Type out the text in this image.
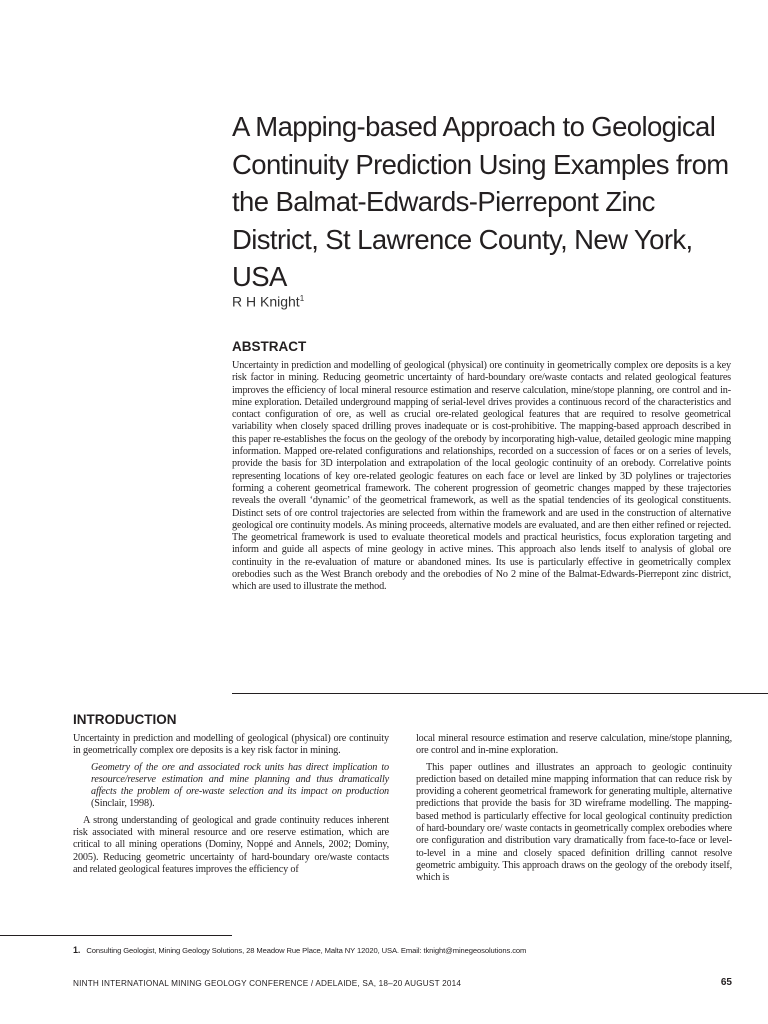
A Mapping-based Approach to Geological Continuity Prediction Using Examples from the Balmat-Edwards-Pierrepont Zinc District, St Lawrence County, New York, USA

R H Knight$^1$

ABSTRACT

Uncertainty in prediction and modelling of geological (physical) ore continuity in geometrically complex ore deposits is a key risk factor in mining. Reducing geometric uncertainty of hard-boundary ore/waste contacts and related geological features improves the efficiency of local mineral resource estimation and reserve calculation, mine/stope planning, ore control and in-mine exploration. Detailed underground mapping of serial-level drives provides a continuous record of the characteristics and contact configuration of ore, as well as crucial ore-related geological features that are required to resolve geometrical variability when closely spaced drilling proves inadequate or is cost-prohibitive. The mapping-based approach described in this paper re-establishes the focus on the geology of the orebody by incorporating high-value, detailed geologic mine mapping information. Mapped ore-related configurations and relationships, recorded on a succession of faces or on a series of levels, provide the basis for 3D interpolation and extrapolation of the local geologic continuity of an orebody. Correlative points representing locations of key ore-related geologic features on each face or level are linked by 3D polylines or trajectories forming a coherent geometrical framework. The coherent progression of geometric changes mapped by these trajectories reveals the overall ‘dynamic’ of the geometrical framework, as well as the spatial tendencies of its geological constituents. Distinct sets of ore control trajectories are selected from within the framework and are used in the construction of alternative geological ore continuity models. As mining proceeds, alternative models are evaluated, and are then either refined or rejected. The geometrical framework is used to evaluate theoretical models and practical heuristics, focus exploration targeting and inform and guide all aspects of mine geology in active mines. This approach also lends itself to analysis of global ore continuity in the re-evaluation of mature or abandoned mines. Its use is particularly effective in geometrically complex orebodies such as the West Branch orebody and the orebodies of No 2 mine of the Balmat-Edwards-Pierrepont zinc district, which are used to illustrate the method.

INTRODUCTION

Uncertainty in prediction and modelling of geological (physical) ore continuity in geometrically complex ore deposits is a key risk factor in mining.

Geometry of the ore and associated rock units has direct implication to resource/reserve estimation and mine planning and thus dramatically affects the problem of ore-waste selection and its impact on production (Sinclair, 1998).

A strong understanding of geological and grade continuity reduces inherent risk associated with mineral resource and ore reserve estimation, which are critical to all mining operations (Dominy, Noppé and Annels, 2002; Dominy, 2005). Reducing geometric uncertainty of hard-boundary ore/waste contacts and related geological features improves the efficiency of

local mineral resource estimation and reserve calculation, mine/stope planning, ore control and in-mine exploration.

This paper outlines and illustrates an approach to geologic continuity prediction based on detailed mine mapping information that can reduce risk by providing a coherent geometrical framework for generating multiple, alternative predictions that provide the basis for 3D wireframe modelling. The mapping-based method is particularly effective for local geological continuity prediction of hard-boundary ore/ waste contacts in geometrically complex orebodies where ore configuration and distribution vary dramatically from face-to-face or level-to-level in a mine and closely spaced definition drilling cannot resolve geometric ambiguity. This approach draws on the geology of the orebody itself, which is

1. Consulting Geologist, Mining Geology Solutions, 28 Meadow Rue Place, Malta NY 12020, USA. Email: tknight@minegeosolutions.com

NINTH INTERNATIONAL MINING GEOLOGY CONFERENCE / ADELAIDE, SA, 18–20 AUGUST 2014	65
